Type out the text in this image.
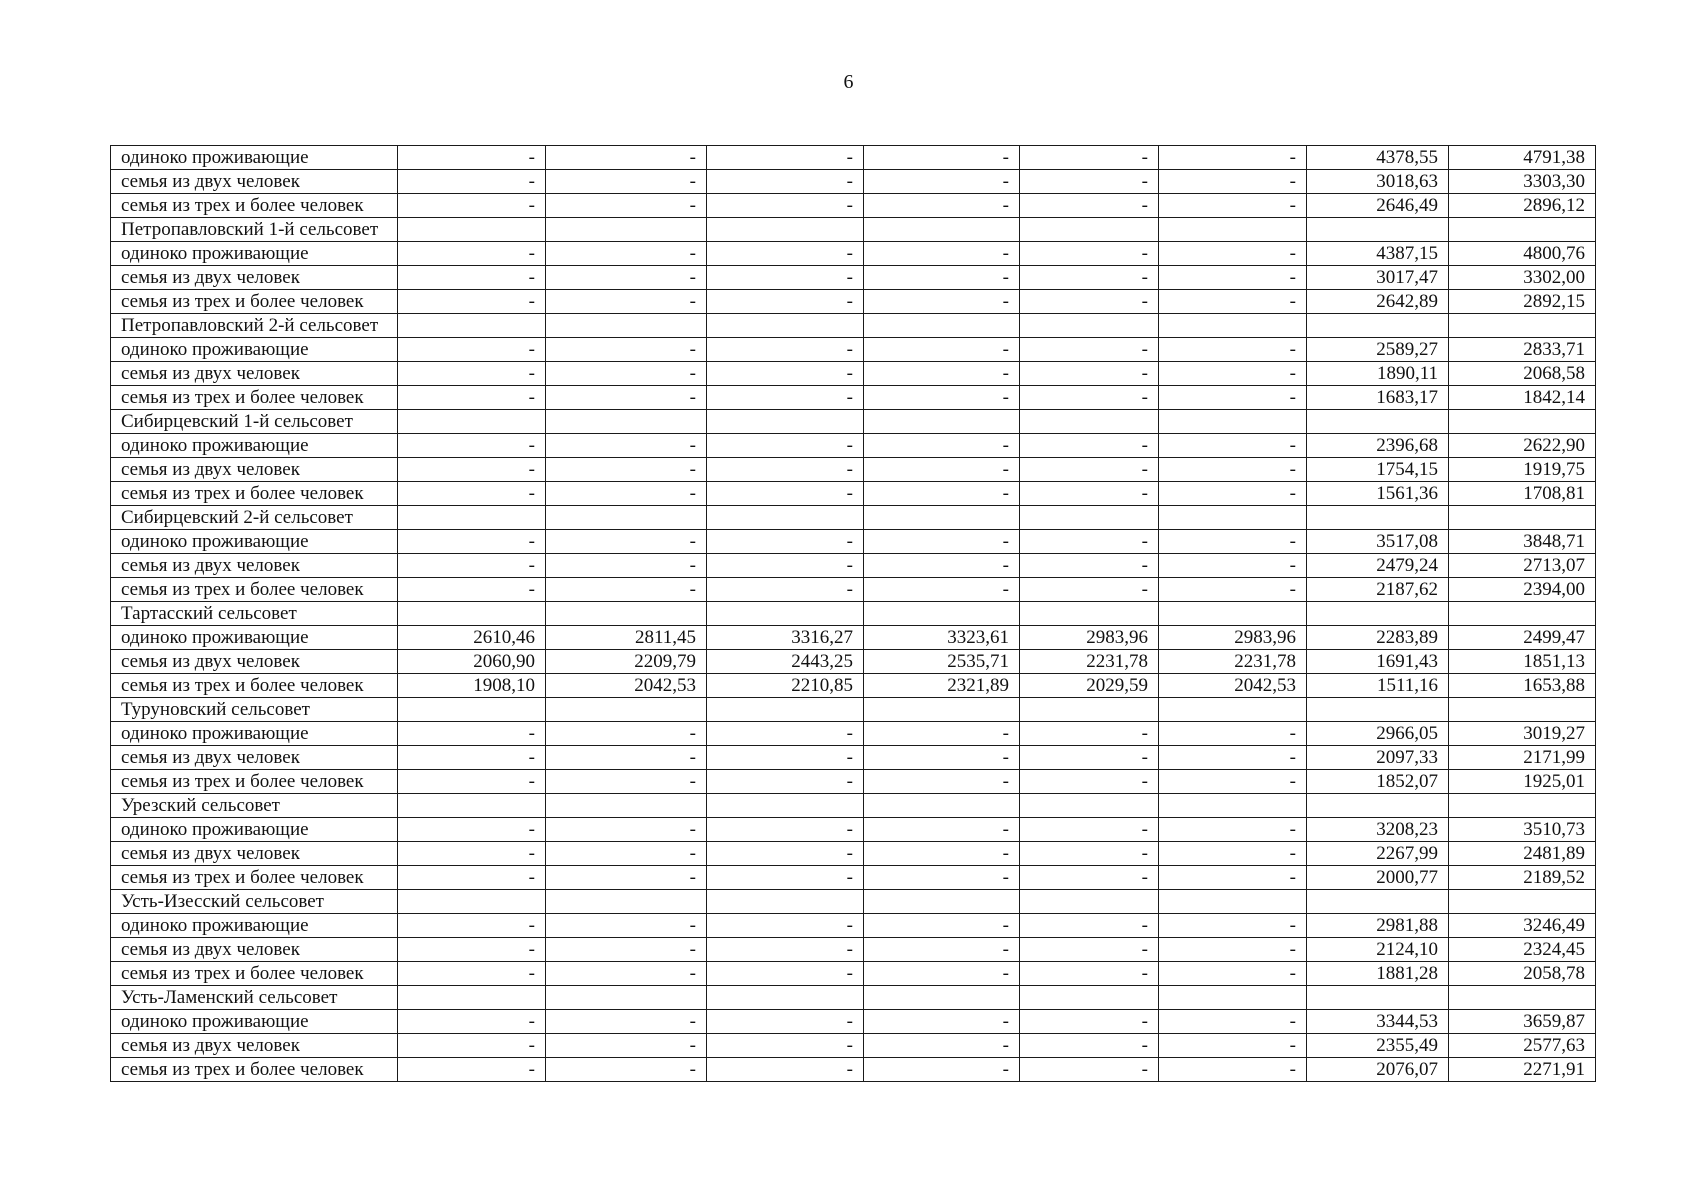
6
одиноко проживающие	-	-	-	-	-	-	4378,55	4791,38
семья из двух человек	-	-	-	-	-	-	3018,63	3303,30
семья из трех и более человек	-	-	-	-	-	-	2646,49	2896,12
Петропавловский 1-й сельсовет								
одиноко проживающие	-	-	-	-	-	-	4387,15	4800,76
семья из двух человек	-	-	-	-	-	-	3017,47	3302,00
семья из трех и более человек	-	-	-	-	-	-	2642,89	2892,15
Петропавловский 2-й сельсовет								
одиноко проживающие	-	-	-	-	-	-	2589,27	2833,71
семья из двух человек	-	-	-	-	-	-	1890,11	2068,58
семья из трех и более человек	-	-	-	-	-	-	1683,17	1842,14
Сибирцевский 1-й сельсовет								
одиноко проживающие	-	-	-	-	-	-	2396,68	2622,90
семья из двух человек	-	-	-	-	-	-	1754,15	1919,75
семья из трех и более человек	-	-	-	-	-	-	1561,36	1708,81
Сибирцевский 2-й сельсовет								
одиноко проживающие	-	-	-	-	-	-	3517,08	3848,71
семья из двух человек	-	-	-	-	-	-	2479,24	2713,07
семья из трех и более человек	-	-	-	-	-	-	2187,62	2394,00
Тартасский сельсовет								
одиноко проживающие	2610,46	2811,45	3316,27	3323,61	2983,96	2983,96	2283,89	2499,47
семья из двух человек	2060,90	2209,79	2443,25	2535,71	2231,78	2231,78	1691,43	1851,13
семья из трех и более человек	1908,10	2042,53	2210,85	2321,89	2029,59	2042,53	1511,16	1653,88
Туруновский сельсовет								
одиноко проживающие	-	-	-	-	-	-	2966,05	3019,27
семья из двух человек	-	-	-	-	-	-	2097,33	2171,99
семья из трех и более человек	-	-	-	-	-	-	1852,07	1925,01
Урезский сельсовет								
одиноко проживающие	-	-	-	-	-	-	3208,23	3510,73
семья из двух человек	-	-	-	-	-	-	2267,99	2481,89
семья из трех и более человек	-	-	-	-	-	-	2000,77	2189,52
Усть-Изесский сельсовет								
одиноко проживающие	-	-	-	-	-	-	2981,88	3246,49
семья из двух человек	-	-	-	-	-	-	2124,10	2324,45
семья из трех и более человек	-	-	-	-	-	-	1881,28	2058,78
Усть-Ламенский сельсовет								
одиноко проживающие	-	-	-	-	-	-	3344,53	3659,87
семья из двух человек	-	-	-	-	-	-	2355,49	2577,63
семья из трех и более человек	-	-	-	-	-	-	2076,07	2271,91
